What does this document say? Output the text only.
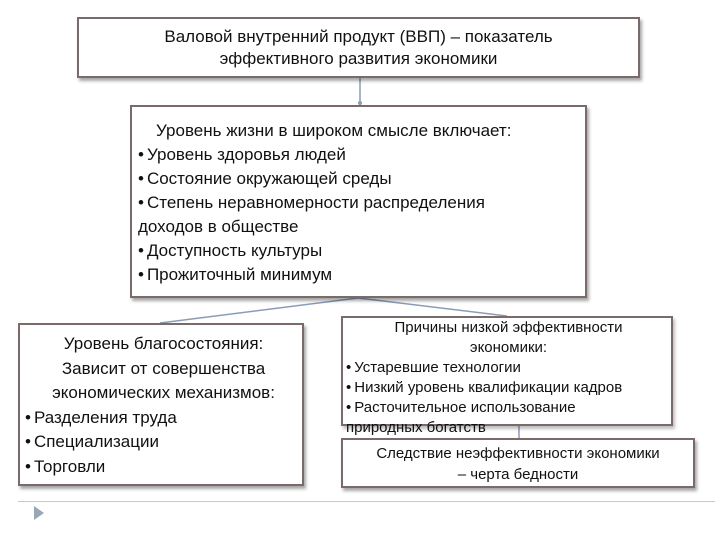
Валовой внутренний продукт (ВВП) – показатель
эффективного развития экономики
Уровень жизни в широком смысле включает:
• Уровень здоровья людей
• Состояние окружающей среды
• Степень неравномерности распределения
доходов в обществе
• Доступность культуры
• Прожиточный минимум
Уровень благосостояния:
Зависит от совершенства
экономических механизмов:
• Разделения труда
• Специализации
• Торговли
Причины низкой эффективности
экономики:
• Устаревшие технологии
• Низкий уровень квалификации кадров
• Расточительное использование
природных богатств
Следствие неэффективности экономики
– черта бедности
